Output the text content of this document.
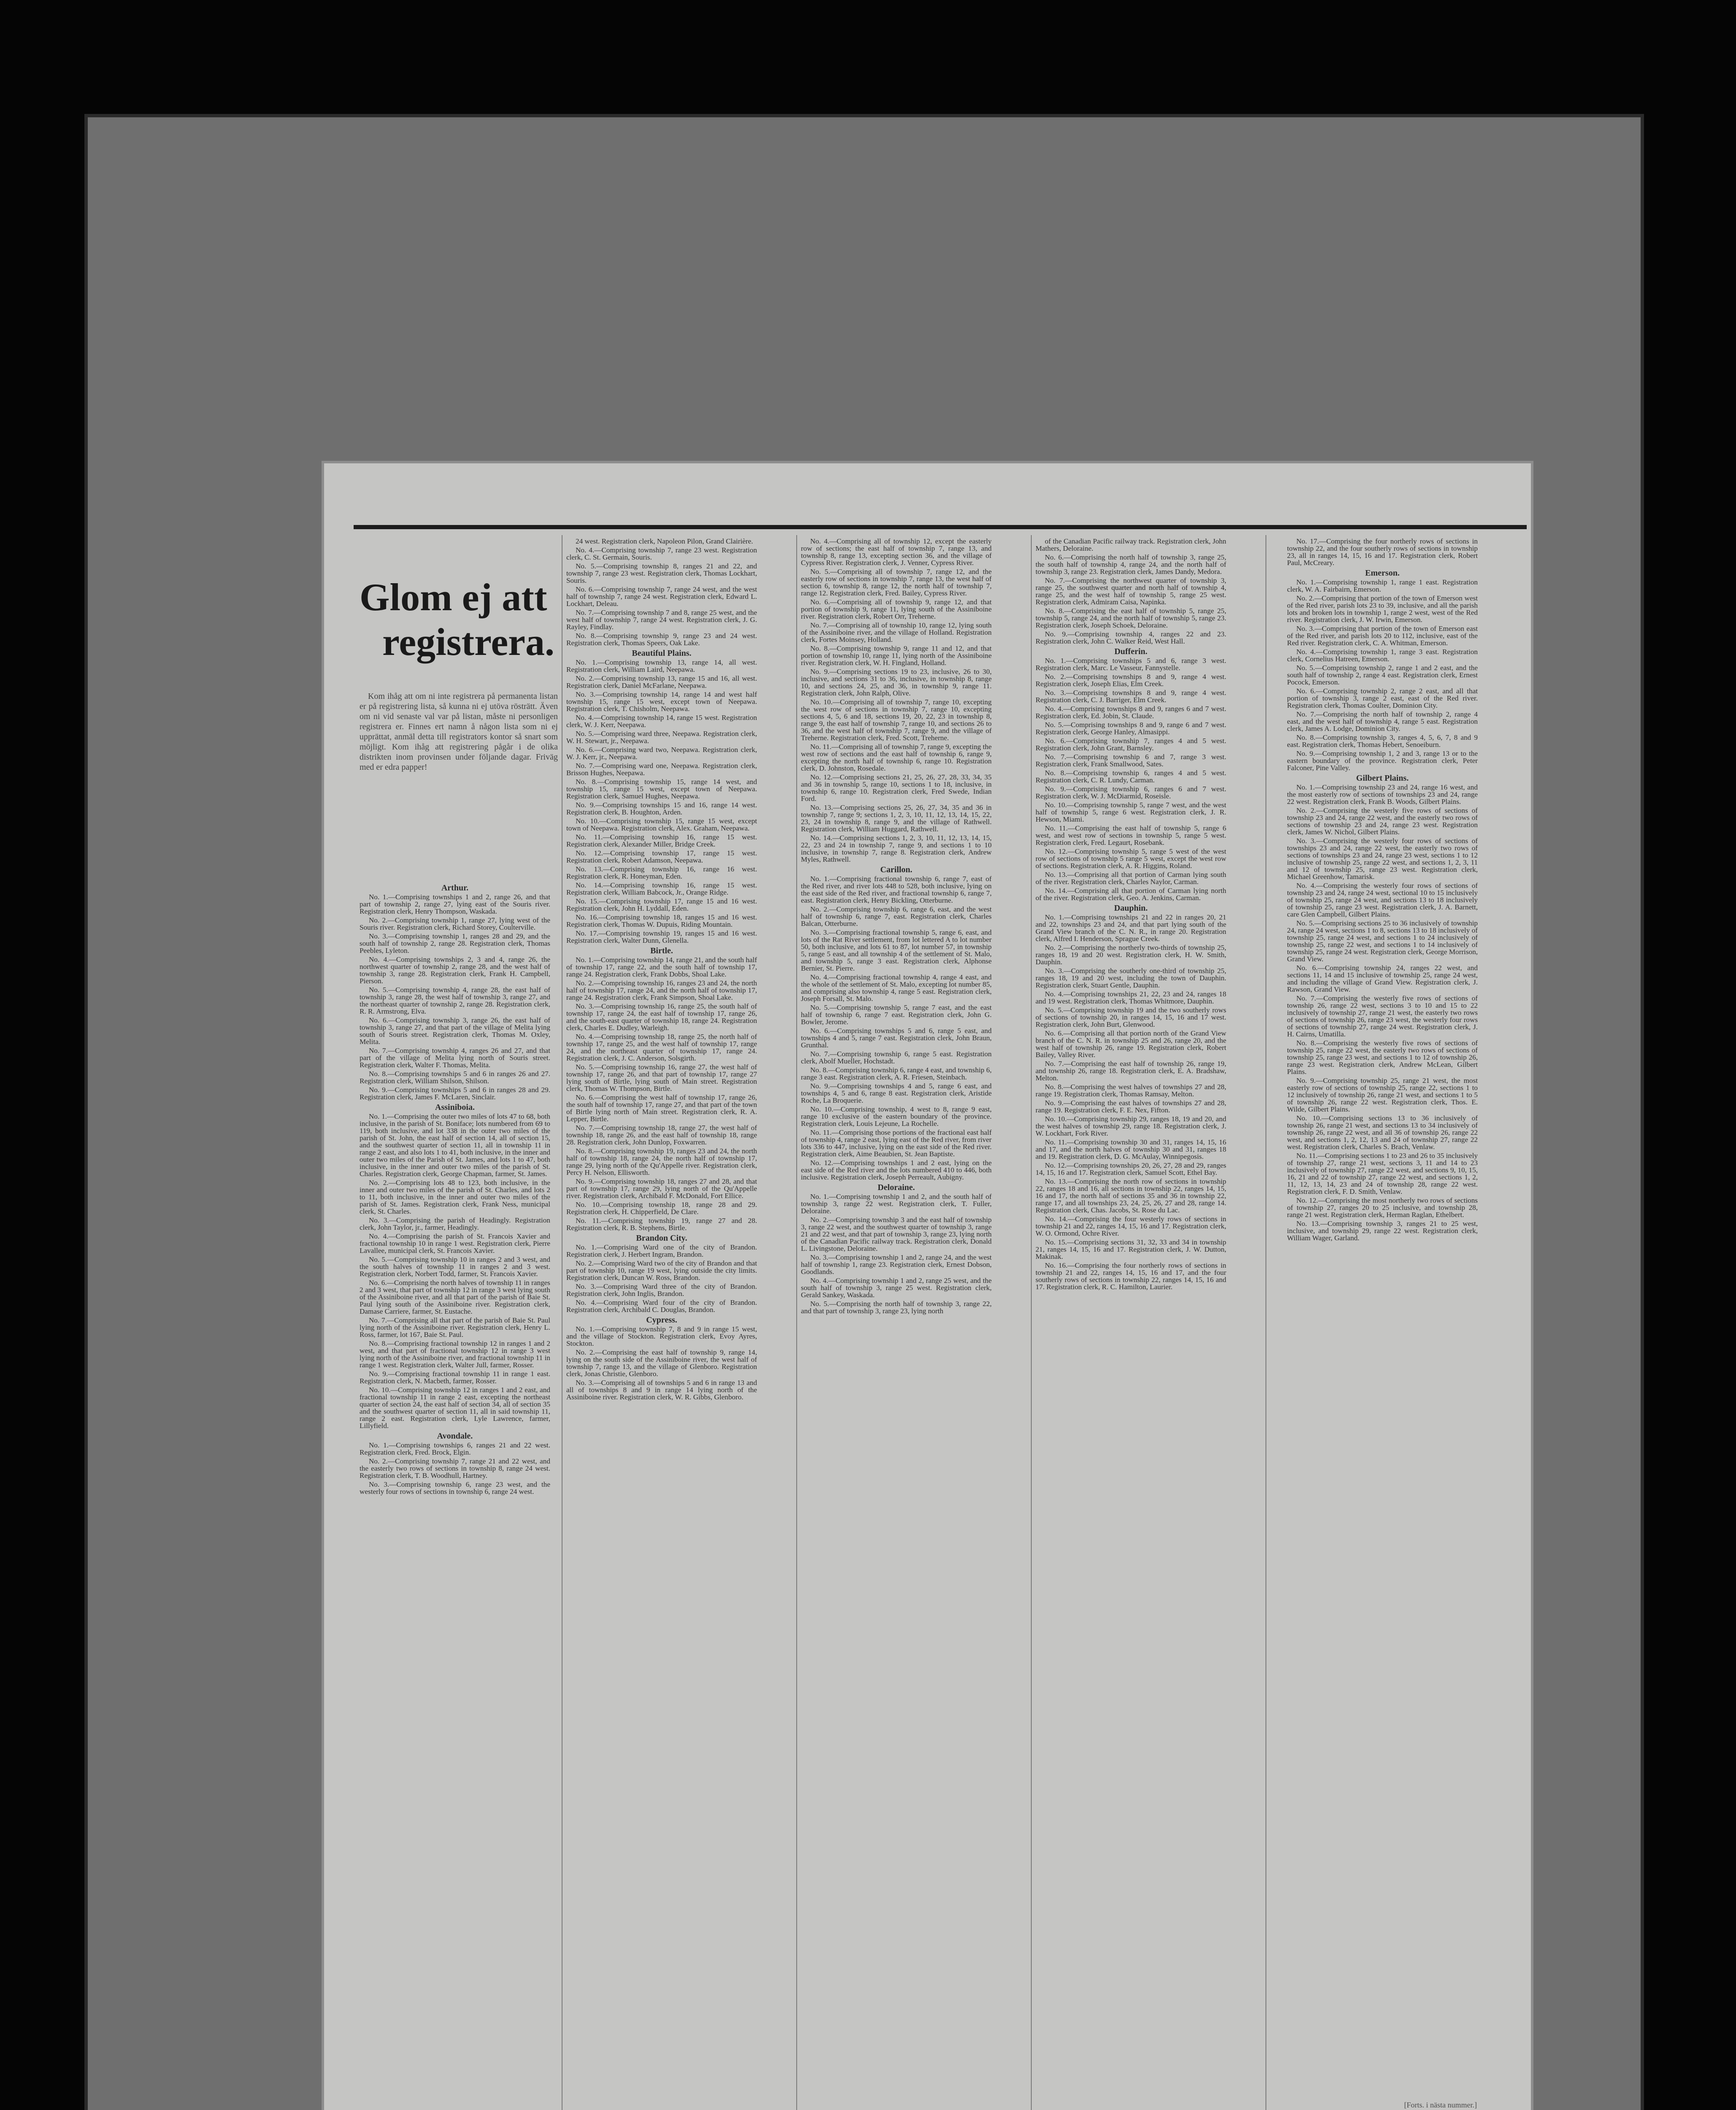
Glom ej att
registrera.
Kom ihåg att om ni inte registrera på permanenta listan er på registrering lista, så kunna ni ej utöva rösträtt. Även om ni vid senaste val var på listan, måste ni personligen registrera er. Finnes ert namn å någon lista som ni ej upprättat, anmäl detta till registrators kontor så snart som möjligt. Kom ihåg att registrering pågår i de olika distrikten inom provinsen under följande dagar. Friväg med er edra papper!
Arthur.
No. 1.—Comprising townships 1 and 2, range 26, and that part of township 2, range 27, lying east of the Souris river. Registration clerk, Henry Thompson, Waskada.
No. 2.—Comprising township 1, range 27, lying west of the Souris river. Registration clerk, Richard Storey, Coulterville.
No. 3.—Comprising township 1, ranges 28 and 29, and the south half of township 2, range 28. Registration clerk, Thomas Peebles, Lyleton.
No. 4.—Comprising townships 2, 3 and 4, range 26, the northwest quarter of township 2, range 28, and the west half of township 3, range 28. Registration clerk, Frank H. Campbell, Pierson.
No. 5.—Comprising township 4, range 28, the east half of township 3, range 28, the west half of township 3, range 27, and the northeast quarter of township 2, range 28. Registration clerk, R. R. Armstrong, Elva.
No. 6.—Comprising township 3, range 26, the east half of township 3, range 27, and that part of the village of Melita lying south of Souris street. Registration clerk, Thomas M. Oxley, Melita.
No. 7.—Comprising township 4, ranges 26 and 27, and that part of the village of Melita lying north of Souris street. Registration clerk, Walter F. Thomas, Melita.
No. 8.—Comprising townships 5 and 6 in ranges 26 and 27. Registration clerk, William Shilson, Shilson.
No. 9.—Comprising townships 5 and 6 in ranges 28 and 29. Registration clerk, James F. McLaren, Sinclair.
Assiniboia.
No. 1.—Comprising the outer two miles of lots 47 to 68, both inclusive, in the parish of St. Boniface; lots numbered from 69 to 119, both inclusive, and lot 338 in the outer two miles of the parish of St. John, the east half of section 14, all of section 15, and the southwest quarter of section 11, all in township 11 in range 2 east, and also lots 1 to 41, both inclusive, in the inner and outer two miles of the Parish of St. James, and lots 1 to 47, both inclusive, in the inner and outer two miles of the parish of St. Charles. Registration clerk, George Chapman, farmer, St. James.
No. 2.—Comprising lots 48 to 123, both inclusive, in the inner and outer two miles of the parish of St. Charles, and lots 2 to 11, both inclusive, in the inner and outer two miles of the parish of St. James. Registration clerk, Frank Ness, municipal clerk, St. Charles.
No. 3.—Comprising the parish of Headingly. Registration clerk, John Taylor, jr., farmer, Headingly.
No. 4.—Comprising the parish of St. Francois Xavier and fractional township 10 in range 1 west. Registration clerk, Pierre Lavallee, municipal clerk, St. Francois Xavier.
No. 5.—Comprising township 10 in ranges 2 and 3 west, and the south halves of township 11 in ranges 2 and 3 west. Registration clerk, Norbert Todd, farmer, St. Francois Xavier.
No. 6.—Comprising the north halves of township 11 in ranges 2 and 3 west, that part of township 12 in range 3 west lying south of the Assiniboine river, and all that part of the parish of Baie St. Paul lying south of the Assiniboine river. Registration clerk, Damase Carriere, farmer, St. Eustache.
No. 7.—Comprising all that part of the parish of Baie St. Paul lying north of the Assiniboine river. Registration clerk, Henry L. Ross, farmer, lot 167, Baie St. Paul.
No. 8.—Comprising fractional township 12 in ranges 1 and 2 west, and that part of fractional township 12 in range 3 west lying north of the Assiniboine river, and fractional township 11 in range 1 west. Registration clerk, Walter Jull, farmer, Rosser.
No. 9.—Comprising fractional township 11 in range 1 east. Registration clerk, N. Macbeth, farmer, Rosser.
No. 10.—Comprising township 12 in ranges 1 and 2 east, and fractional township 11 in range 2 east, excepting the northeast quarter of section 24, the east half of section 34, all of section 35 and the southwest quarter of section 11, all in said township 11, range 2 east. Registration clerk, Lyle Lawrence, farmer, Lillyfield.
Avondale.
No. 1.—Comprising townships 6, ranges 21 and 22 west. Registration clerk, Fred. Brock, Elgin.
No. 2.—Comprising township 7, range 21 and 22 west, and the easterly two rows of sections in township 8, range 24 west. Registration clerk, T. B. Woodhull, Hartney.
No. 3.—Comprising township 6, range 23 west, and the westerly four rows of sections in township 6, range 24 west.
24 west. Registration clerk, Napoleon Pilon, Grand Clairière.
No. 4.—Comprising township 7, range 23 west. Registration clerk, C. St. Germain, Souris.
No. 5.—Comprising township 8, ranges 21 and 22, and township 7, range 23 west. Registration clerk, Thomas Lockhart, Souris.
No. 6.—Comprising township 7, range 24 west, and the west half of township 7, range 24 west. Registration clerk, Edward L. Lockhart, Deleau.
No. 7.—Comprising township 7 and 8, range 25 west, and the west half of township 7, range 24 west. Registration clerk, J. G. Rayley, Findlay.
No. 8.—Comprising township 9, range 23 and 24 west. Registration clerk, Thomas Speers, Oak Lake.
Beautiful Plains.
No. 1.—Comprising township 13, range 14, all west. Registration clerk, William Laird, Neepawa.
No. 2.—Comprising township 13, range 15 and 16, all west. Registration clerk, Daniel McFarlane, Neepawa.
No. 3.—Comprising township 14, range 14 and west half township 15, range 15 west, except town of Neepawa. Registration clerk, T. Chisholm, Neepawa.
No. 4.—Comprising township 14, range 15 west. Registration clerk, W. J. Kerr, Neepawa.
No. 5.—Comprising ward three, Neepawa. Registration clerk, W. H. Stewart, jr., Neepawa.
No. 6.—Comprising ward two, Neepawa. Registration clerk, W. J. Kerr, jr., Neepawa.
No. 7.—Comprising ward one, Neepawa. Registration clerk, Brisson Hughes, Neepawa.
No. 8.—Comprising township 15, range 14 west, and township 15, range 15 west, except town of Neepawa. Registration clerk, Samuel Hughes, Neepawa.
No. 9.—Comprising townships 15 and 16, range 14 west. Registration clerk, B. Houghton, Arden.
No. 10.—Comprising township 15, range 15 west, except town of Neepawa. Registration clerk, Alex. Graham, Neepawa.
No. 11.—Comprising township 16, range 15 west. Registration clerk, Alexander Miller, Bridge Creek.
No. 12.—Comprising township 17, range 15 west. Registration clerk, Robert Adamson, Neepawa.
No. 13.—Comprising township 16, range 16 west. Registration clerk, R. Honeyman, Eden.
No. 14.—Comprising township 16, range 15 west. Registration clerk, William Babcock, Jr., Orange Ridge.
No. 15.—Comprising township 17, range 15 and 16 west. Registration clerk, John H. Lyddall, Eden.
No. 16.—Comprising township 18, ranges 15 and 16 west. Registration clerk, Thomas W. Dupuis, Riding Mountain.
No. 17.—Comprising township 19, ranges 15 and 16 west. Registration clerk, Walter Dunn, Glenella.
Birtle.
No. 1.—Comprising township 14, range 21, and the south half of township 17, range 22, and the south half of township 17, range 24. Registration clerk, Frank Dobbs, Shoal Lake.
No. 2.—Comprising township 16, ranges 23 and 24, the north half of township 17, range 24, and the north half of township 17, range 24. Registration clerk, Frank Simpson, Shoal Lake.
No. 3.—Comprising township 16, range 25, the south half of township 17, range 24, the east half of township 17, range 26, and the south-east quarter of township 18, range 24. Registration clerk, Charles E. Dudley, Warleigh.
No. 4.—Comprising township 18, range 25, the north half of township 17, range 25, and the west half of township 17, range 24, and the northeast quarter of township 17, range 24. Registration clerk, J. C. Anderson, Solsgirth.
No. 5.—Comprising township 16, range 27, the west half of township 17, range 26, and that part of township 17, range 27 lying south of Birtle, lying south of Main street. Registration clerk, Thomas W. Thompson, Birtle.
No. 6.—Comprising the west half of township 17, range 26, the south half of township 17, range 27, and that part of the town of Birtle lying north of Main street. Registration clerk, R. A. Lepper, Birtle.
No. 7.—Comprising township 18, range 27, the west half of township 18, range 26, and the east half of township 18, range 28. Registration clerk, John Dunlop, Foxwarren.
No. 8.—Comprising township 19, ranges 23 and 24, the north half of township 18, range 24, the north half of township 17, range 29, lying north of the Qu'Appelle river. Registration clerk, Percy H. Nelson, Ellisworth.
No. 9.—Comprising township 18, ranges 27 and 28, and that part of township 17, range 29, lying north of the Qu'Appelle river. Registration clerk, Archibald F. McDonald, Fort Ellice.
No. 10.—Comprising township 18, range 28 and 29. Registration clerk, H. Chipperfield, De Clare.
No. 11.—Comprising township 19, range 27 and 28. Registration clerk, R. B. Stephens, Birtle.
Brandon City.
No. 1.—Comprising Ward one of the city of Brandon. Registration clerk, J. Herbert Ingram, Brandon.
No. 2.—Comprising Ward two of the city of Brandon and that part of township 10, range 19 west, lying outside the city limits. Registration clerk, Duncan W. Ross, Brandon.
No. 3.—Comprising Ward three of the city of Brandon. Registration clerk, John Inglis, Brandon.
No. 4.—Comprising Ward four of the city of Brandon. Registration clerk, Archibald C. Douglas, Brandon.
Cypress.
No. 1.—Comprising township 7, 8 and 9 in range 15 west, and the village of Stockton. Registration clerk, Evoy Ayres, Stockton.
No. 2.—Comprising the east half of township 9, range 14, lying on the south side of the Assiniboine river, the west half of township 7, range 13, and the village of Glenboro. Registration clerk, Jonas Christie, Glenboro.
No. 3.—Comprising all of townships 5 and 6 in range 13 and all of townships 8 and 9 in range 14 lying north of the Assiniboine river. Registration clerk, W. R. Gibbs, Glenboro.
No. 4.—Comprising all of township 12, except the easterly row of sections; the east half of township 7, range 13, and township 8, range 13, excepting section 36, and the village of Cypress River. Registration clerk, J. Venner, Cypress River.
No. 5.—Comprising all of township 7, range 12, and the easterly row of sections in township 7, range 13, the west half of section 6, township 8, range 12, the north half of township 7, range 12. Registration clerk, Fred. Bailey, Cypress River.
No. 6.—Comprising all of township 9, range 12, and that portion of township 9, range 11, lying south of the Assiniboine river. Registration clerk, Robert Orr, Treherne.
No. 7.—Comprising all of township 10, range 12, lying south of the Assiniboine river, and the village of Holland. Registration clerk, Fortes Moinsey, Holland.
No. 8.—Comprising township 9, range 11 and 12, and that portion of township 10, range 11, lying north of the Assiniboine river. Registration clerk, W. H. Fingland, Holland.
No. 9.—Comprising sections 19 to 23, inclusive, 26 to 30, inclusive, and sections 31 to 36, inclusive, in township 8, range 10, and sections 24, 25, and 36, in township 9, range 11. Registration clerk, John Ralph, Olive.
No. 10.—Comprising all of township 7, range 10, excepting the west row of sections in township 7, range 10, excepting sections 4, 5, 6 and 18, sections 19, 20, 22, 23 in township 8, range 9, the east half of township 7, range 10, and sections 26 to 36, and the west half of township 7, range 9, and the village of Treherne. Registration clerk, Fred. Scott, Treherne.
No. 11.—Comprising all of township 7, range 9, excepting the west row of sections and the east half of township 6, range 9, excepting the north half of township 6, range 10. Registration clerk, D. Johnston, Rosedale.
No. 12.—Comprising sections 21, 25, 26, 27, 28, 33, 34, 35 and 36 in township 5, range 10, sections 1 to 18, inclusive, in township 6, range 10. Registration clerk, Fred Swede, Indian Ford.
No. 13.—Comprising sections 25, 26, 27, 34, 35 and 36 in township 7, range 9; sections 1, 2, 3, 10, 11, 12, 13, 14, 15, 22, 23, 24 in township 8, range 9, and the village of Rathwell. Registration clerk, William Huggard, Rathwell.
No. 14.—Comprising sections 1, 2, 3, 10, 11, 12, 13, 14, 15, 22, 23 and 24 in township 7, range 9, and sections 1 to 10 inclusive, in township 7, range 8. Registration clerk, Andrew Myles, Rathwell.
Carillon.
No. 1.—Comprising fractional township 6, range 7, east of the Red river, and river lots 448 to 528, both inclusive, lying on the east side of the Red river, and fractional township 6, range 7, east. Registration clerk, Henry Bickling, Otterburne.
No. 2.—Comprising township 6, range 6, east, and the west half of township 6, range 7, east. Registration clerk, Charles Balcan, Otterburne.
No. 3.—Comprising fractional township 5, range 6, east, and lots of the Rat River settlement, from lot lettered A to lot number 50, both inclusive, and lots 61 to 87, lot number 57, in township 5, range 5 east, and all township 4 of the settlement of St. Malo, and township 5, range 3 east. Registration clerk, Alphonse Bernier, St. Pierre.
No. 4.—Comprising fractional township 4, range 4 east, and the whole of the settlement of St. Malo, excepting lot number 85, and comprising also township 4, range 5 east. Registration clerk, Joseph Forsall, St. Malo.
No. 5.—Comprising township 5, range 7 east, and the east half of township 6, range 7 east. Registration clerk, John G. Bowler, Jerome.
No. 6.—Comprising townships 5 and 6, range 5 east, and townships 4 and 5, range 7 east. Registration clerk, John Braun, Grunthal.
No. 7.—Comprising township 6, range 5 east. Registration clerk, Abolf Mueller, Hochstadt.
No. 8.—Comprising township 6, range 4 east, and township 6, range 3 east. Registration clerk, A. R. Friesen, Steinbach.
No. 9.—Comprising townships 4 and 5, range 6 east, and townships 4, 5 and 6, range 8 east. Registration clerk, Aristide Roche, La Broquerie.
No. 10.—Comprising township, 4 west to 8, range 9 east, range 10 exclusive of the eastern boundary of the province. Registration clerk, Louis Lejeune, La Rochelle.
No. 11.—Comprising those portions of the fractional east half of township 4, range 2 east, lying east of the Red river, from river lots 336 to 447, inclusive, lying on the east side of the Red river. Registration clerk, Aime Beaubien, St. Jean Baptiste.
No. 12.—Comprising townships 1 and 2 east, lying on the east side of the Red river and the lots numbered 410 to 446, both inclusive. Registration clerk, Joseph Perreault, Aubigny.
Deloraine.
No. 1.—Comprising township 1 and 2, and the south half of township 3, range 22 west. Registration clerk, T. Fuller, Deloraine.
No. 2.—Comprising township 3 and the east half of township 3, range 22 west, and the southwest quarter of township 3, range 21 and 22 west, and that part of township 3, range 23, lying north of the Canadian Pacific railway track. Registration clerk, Donald L. Livingstone, Deloraine.
No. 3.—Comprising township 1 and 2, range 24, and the west half of township 1, range 23. Registration clerk, Ernest Dobson, Goodlands.
No. 4.—Comprising township 1 and 2, range 25 west, and the south half of township 3, range 25 west. Registration clerk, Gerald Sankey, Waskada.
No. 5.—Comprising the north half of township 3, range 22, and that part of township 3, range 23, lying north
of the Canadian Pacific railway track. Registration clerk, John Mathers, Deloraine.
No. 6.—Comprising the north half of township 3, range 25, the south half of township 4, range 24, and the north half of township 3, range 23. Registration clerk, James Dandy, Medora.
No. 7.—Comprising the northwest quarter of township 3, range 25, the southwest quarter and north half of township 4, range 25, and the west half of township 5, range 25 west. Registration clerk, Admiram Caisa, Napinka.
No. 8.—Comprising the east half of township 5, range 25, township 5, range 24, and the north half of township 5, range 23. Registration clerk, Joseph Schoek, Deloraine.
No. 9.—Comprising township 4, ranges 22 and 23. Registration clerk, John C. Walker Reid, West Hall.
Dufferin.
No. 1.—Comprising townships 5 and 6, range 3 west. Registration clerk, Marc. Le Vasseur, Fannystelle.
No. 2.—Comprising townships 8 and 9, range 4 west. Registration clerk, Joseph Elias, Elm Creek.
No. 3.—Comprising townships 8 and 9, range 4 west. Registration clerk, C. J. Barriger, Elm Creek.
No. 4.—Comprising townships 8 and 9, ranges 6 and 7 west. Registration clerk, Ed. Jobin, St. Claude.
No. 5.—Comprising townships 8 and 9, range 6 and 7 west. Registration clerk, George Hanley, Almasippi.
No. 6.—Comprising township 7, ranges 4 and 5 west. Registration clerk, John Grant, Barnsley.
No. 7.—Comprising township 6 and 7, range 3 west. Registration clerk, Frank Smallwood, Sates.
No. 8.—Comprising township 6, ranges 4 and 5 west. Registration clerk, C. R. Lundy, Carman.
No. 9.—Comprising township 6, ranges 6 and 7 west. Registration clerk, W. J. McDiarmid, Roseisle.
No. 10.—Comprising township 5, range 7 west, and the west half of township 5, range 6 west. Registration clerk, J. R. Hewson, Miami.
No. 11.—Comprising the east half of township 5, range 6 west, and west row of sections in township 5, range 5 west. Registration clerk, Fred. Legaurt, Rosebank.
No. 12.—Comprising township 5, range 5 west of the west row of sections of township 5 range 5 west, except the west row of sections. Registration clerk, A. R. Higgins, Roland.
No. 13.—Comprising all that portion of Carman lying south of the river. Registration clerk, Charles Naylor, Carman.
No. 14.—Comprising all that portion of Carman lying north of the river. Registration clerk, Geo. A. Jenkins, Carman.
Dauphin.
No. 1.—Comprising townships 21 and 22 in ranges 20, 21 and 22, townships 23 and 24, and that part lying south of the Grand View branch of the C. N. R., in range 20. Registration clerk, Alfred I. Henderson, Sprague Creek.
No. 2.—Comprising the northerly two-thirds of township 25, ranges 18, 19 and 20 west. Registration clerk, H. W. Smith, Dauphin.
No. 3.—Comprising the southerly one-third of township 25, ranges 18, 19 and 20 west, including the town of Dauphin. Registration clerk, Stuart Gentle, Dauphin.
No. 4.—Comprising townships 21, 22, 23 and 24, ranges 18 and 19 west. Registration clerk, Thomas Whitmore, Dauphin.
No. 5.—Comprising township 19 and the two southerly rows of sections of township 20, in ranges 14, 15, 16 and 17 west. Registration clerk, John Burt, Glenwood.
No. 6.—Comprising all that portion north of the Grand View branch of the C. N. R. in township 25 and 26, range 20, and the west half of township 26, range 19. Registration clerk, Robert Bailey, Valley River.
No. 7.—Comprising the east half of township 26, range 19, and township 26, range 18. Registration clerk, E. A. Bradshaw, Melton.
No. 8.—Comprising the west halves of townships 27 and 28, range 19. Registration clerk, Thomas Ramsay, Melton.
No. 9.—Comprising the east halves of townships 27 and 28, range 19. Registration clerk, F. E. Nex, Fifton.
No. 10.—Comprising township 29, ranges 18, 19 and 20, and the west halves of township 29, range 18. Registration clerk, J. W. Lockhart, Fork River.
No. 11.—Comprising township 30 and 31, ranges 14, 15, 16 and 17, and the north halves of township 30 and 31, ranges 18 and 19. Registration clerk, D. G. McAulay, Winnipegosis.
No. 12.—Comprising townships 20, 26, 27, 28 and 29, ranges 14, 15, 16 and 17. Registration clerk, Samuel Scott, Ethel Bay.
No. 13.—Comprising the north row of sections in township 22, ranges 18 and 16, all sections in township 22, ranges 14, 15, 16 and 17, the north half of sections 35 and 36 in township 22, range 17, and all townships 23, 24, 25, 26, 27 and 28, range 14. Registration clerk, Chas. Jacobs, St. Rose du Lac.
No. 14.—Comprising the four westerly rows of sections in township 21 and 22, ranges 14, 15, 16 and 17. Registration clerk, W. O. Ormond, Ochre River.
No. 15.—Comprising sections 31, 32, 33 and 34 in township 21, ranges 14, 15, 16 and 17. Registration clerk, J. W. Dutton, Makinak.
No. 16.—Comprising the four northerly rows of sections in township 21 and 22, ranges 14, 15, 16 and 17, and the four southerly rows of sections in township 22, ranges 14, 15, 16 and 17. Registration clerk, R. C. Hamilton, Laurier.
No. 17.—Comprising the four northerly rows of sections in township 22, and the four southerly rows of sections in township 23, all in ranges 14, 15, 16 and 17. Registration clerk, Robert Paul, McCreary.
Emerson.
No. 1.—Comprising township 1, range 1 east. Registration clerk, W. A. Fairbairn, Emerson.
No. 2.—Comprising that portion of the town of Emerson west of the Red river, parish lots 23 to 39, inclusive, and all the parish lots and broken lots in township 1, range 2 west, west of the Red river. Registration clerk, J. W. Irwin, Emerson.
No. 3.—Comprising that portion of the town of Emerson east of the Red river, and parish lots 20 to 112, inclusive, east of the Red river. Registration clerk, C. A. Whitman, Emerson.
No. 4.—Comprising township 1, range 3 east. Registration clerk, Cornelius Hatreen, Emerson.
No. 5.—Comprising township 2, range 1 and 2 east, and the south half of township 2, range 4 east. Registration clerk, Ernest Pocock, Emerson.
No. 6.—Comprising township 2, range 2 east, and all that portion of township 3, range 2 east, east of the Red river. Registration clerk, Thomas Coulter, Dominion City.
No. 7.—Comprising the north half of township 2, range 4 east, and the west half of township 4, range 5 east. Registration clerk, James A. Lodge, Dominion City.
No. 8.—Comprising township 3, ranges 4, 5, 6, 7, 8 and 9 east. Registration clerk, Thomas Hebert, Senoeiburn.
No. 9.—Comprising township 1, 2 and 3, range 13 or to the eastern boundary of the province. Registration clerk, Peter Falconer, Pine Valley.
Gilbert Plains.
No. 1.—Comprising township 23 and 24, range 16 west, and the most easterly row of sections of townships 23 and 24, range 22 west. Registration clerk, Frank B. Woods, Gilbert Plains.
No. 2.—Comprising the westerly five rows of sections of township 23 and 24, range 22 west, and the easterly two rows of sections of township 23 and 24, range 23 west. Registration clerk, James W. Nichol, Gilbert Plains.
No. 3.—Comprising the westerly four rows of sections of townships 23 and 24, range 22 west, the easterly two rows of sections of townships 23 and 24, range 23 west, sections 1 to 12 inclusive of township 25, range 22 west, and sections 1, 2, 3, 11 and 12 of township 25, range 23 west. Registration clerk, Michael Greenhow, Tamarisk.
No. 4.—Comprising the westerly four rows of sections of township 23 and 24, range 24 west, sectional 10 to 15 inclusively of township 25, range 24 west, and sections 13 to 18 inclusively of township 25, range 23 west. Registration clerk, J. A. Barnett, care Glen Campbell, Gilbert Plains.
No. 5.—Comprising sections 25 to 36 inclusively of township 24, range 24 west, sections 1 to 8, sections 13 to 18 inclusively of township 25, range 24 west, and sections 1 to 24 inclusively of township 25, range 22 west, and sections 1 to 14 inclusively of township 25, range 24 west. Registration clerk, George Morrison, Grand View.
No. 6.—Comprising township 24, ranges 22 west, and sections 11, 14 and 15 inclusive of township 25, range 24 west, and including the village of Grand View. Registration clerk, J. Rawson, Grand View.
No. 7.—Comprising the westerly five rows of sections of township 26, range 22 west, sections 3 to 10 and 15 to 22 inclusively of township 27, range 21 west, the easterly two rows of sections of township 26, range 23 west, the westerly four rows of sections of township 27, range 24 west. Registration clerk, J. H. Cairns, Umatilla.
No. 8.—Comprising the westerly five rows of sections of township 25, range 22 west, the easterly two rows of sections of township 25, range 23 west, and sections 1 to 12 of township 26, range 23 west. Registration clerk, Andrew McLean, Gilbert Plains.
No. 9.—Comprising township 25, range 21 west, the most easterly row of sections of township 25, range 22, sections 1 to 12 inclusively of township 26, range 21 west, and sections 1 to 5 of township 26, range 22 west. Registration clerk, Thos. E. Wilde, Gilbert Plains.
No. 10.—Comprising sections 13 to 36 inclusively of township 26, range 21 west, and sections 13 to 34 inclusively of township 26, range 22 west, and all 36 of township 26, range 22 west, and sections 1, 2, 12, 13 and 24 of township 27, range 22 west. Registration clerk, Charles S. Brach, Venlaw.
No. 11.—Comprising sections 1 to 23 and 26 to 35 inclusively of township 27, range 21 west, sections 3, 11 and 14 to 23 inclusively of township 27, range 22 west, and sections 9, 10, 15, 16, 21 and 22 of township 27, range 22 west, and sections 1, 2, 11, 12, 13, 14, 23 and 24 of township 28, range 22 west. Registration clerk, F. D. Smith, Venlaw.
No. 12.—Comprising the most northerly two rows of sections of township 27, ranges 20 to 25 inclusive, and township 28, range 21 west. Registration clerk, Herman Raglan, Ethelbert.
No. 13.—Comprising township 3, ranges 21 to 25 west, inclusive, and township 29, range 22 west. Registration clerk, William Wager, Garland.
[Forts. i nästa nummer.]
